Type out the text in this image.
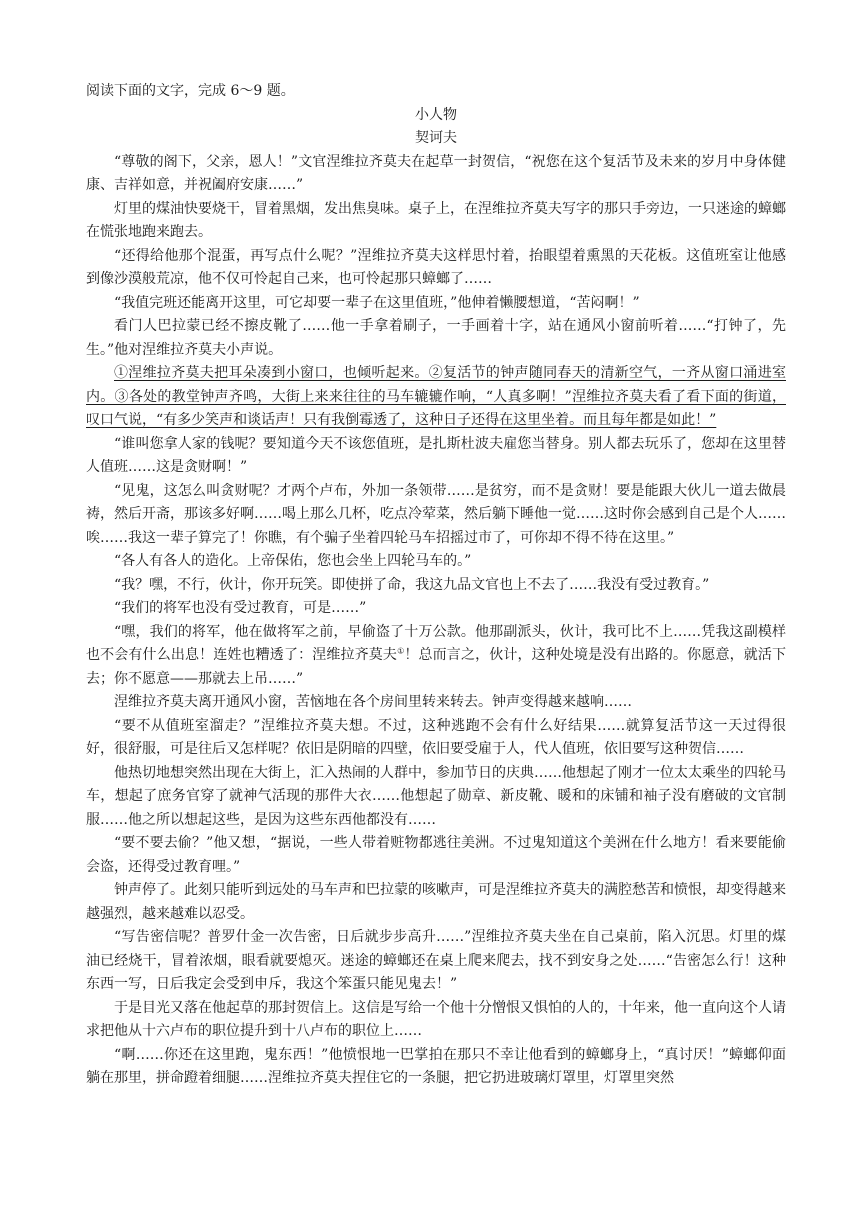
阅读下面的文字，完成 6～9 题。

小人物

契诃夫

“尊敬的阁下，父亲，恩人！”文官涅维拉齐莫夫在起草一封贺信，“祝您在这个复活节及未来的岁月中身体健康、吉祥如意，并祝阖府安康……”

灯里的煤油快要烧干，冒着黑烟，发出焦臭味。桌子上，在涅维拉齐莫夫写字的那只手旁边，一只迷途的蟑螂在慌张地跑来跑去。

“还得给他那个混蛋，再写点什么呢？”涅维拉齐莫夫这样思忖着，抬眼望着熏黑的天花板。这值班室让他感到像沙漠般荒凉，他不仅可怜起自己来，也可怜起那只蟑螂了……

“我值完班还能离开这里，可它却要一辈子在这里值班，”他伸着懒腰想道，“苦闷啊！”

看门人巴拉蒙已经不擦皮靴了……他一手拿着刷子，一手画着十字，站在通风小窗前听着……“打钟了，先生。”他对涅维拉齐莫夫小声说。

①涅维拉齐莫夫把耳朵凑到小窗口，也倾听起来。②复活节的钟声随同春天的清新空气，一齐从窗口涌进室内。③各处的教堂钟声齐鸣，大街上来来往往的马车辘辘作响，“人真多啊！”涅维拉齐莫夫看了看下面的街道，叹口气说，“有多少笑声和谈话声！只有我倒霉透了，这种日子还得在这里坐着。而且每年都是如此！”

“谁叫您拿人家的钱呢？要知道今天不该您值班，是扎斯杜波夫雇您当替身。别人都去玩乐了，您却在这里替人值班……这是贪财啊！”

“见鬼，这怎么叫贪财呢？才两个卢布，外加一条领带……是贫穷，而不是贪财！要是能跟大伙儿一道去做晨祷，然后开斋，那该多好啊……喝上那么几杯，吃点冷荤菜，然后躺下睡他一觉……这时你会感到自己是个人……唉……我这一辈子算完了！你瞧，有个骗子坐着四轮马车招摇过市了，可你却不得不待在这里。”

“各人有各人的造化。上帝保佑，您也会坐上四轮马车的。”

“我？嘿，不行，伙计，你开玩笑。即使拼了命，我这九品文官也上不去了……我没有受过教育。”

“我们的将军也没有受过教育，可是……”

“嘿，我们的将军，他在做将军之前，早偷盗了十万公款。他那副派头，伙计，我可比不上……凭我这副模样也不会有什么出息！连姓也糟透了：涅维拉齐莫夫①！总而言之，伙计，这种处境是没有出路的。你愿意，就活下去；你不愿意——那就去上吊……”

涅维拉齐莫夫离开通风小窗，苦恼地在各个房间里转来转去。钟声变得越来越响……

“要不从值班室溜走？”涅维拉齐莫夫想。不过，这种逃跑不会有什么好结果……就算复活节这一天过得很好，很舒服，可是往后又怎样呢？依旧是阴暗的四壁，依旧要受雇于人，代人值班，依旧要写这种贺信……

他热切地想突然出现在大街上，汇入热闹的人群中，参加节日的庆典……他想起了刚才一位太太乘坐的四轮马车，想起了庶务官穿了就神气活现的那件大衣……他想起了勋章、新皮靴、暖和的床铺和袖子没有磨破的文官制服……他之所以想起这些，是因为这些东西他都没有……

“要不要去偷？”他又想，“据说，一些人带着赃物都逃往美洲。不过鬼知道这个美洲在什么地方！看来要能偷会盗，还得受过教育哩。”

钟声停了。此刻只能听到远处的马车声和巴拉蒙的咳嗽声，可是涅维拉齐莫夫的满腔愁苦和愤恨，却变得越来越强烈，越来越难以忍受。

“写告密信呢？普罗什金一次告密，日后就步步高升……”涅维拉齐莫夫坐在自己桌前，陷入沉思。灯里的煤油已经烧干，冒着浓烟，眼看就要熄灭。迷途的蟑螂还在桌上爬来爬去，找不到安身之处……“告密怎么行！这种东西一写，日后我定会受到申斥，我这个笨蛋只能见鬼去！”

于是目光又落在他起草的那封贺信上。这信是写给一个他十分憎恨又惧怕的人的，十年来，他一直向这个人请求把他从十六卢布的职位提升到十八卢布的职位上……

“啊……你还在这里跑，鬼东西！”他愤恨地一巴掌拍在那只不幸让他看到的蟑螂身上，“真讨厌！”蟑螂仰面躺在那里，拼命蹬着细腿……涅维拉齐莫夫捏住它的一条腿，把它扔进玻璃灯罩里，灯罩里突然
